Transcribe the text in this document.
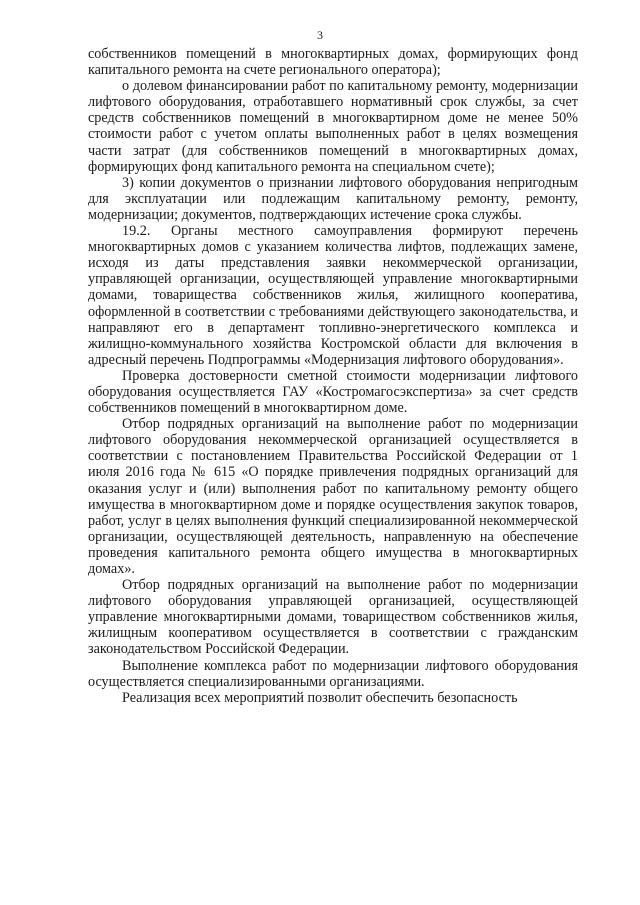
3

собственников помещений в многоквартирных домах, формирующих фонд капитального ремонта на счете регионального оператора);

о долевом финансировании работ по капитальному ремонту, модернизации лифтового оборудования, отработавшего нормативный срок службы, за счет средств собственников помещений в многоквартирном доме не менее 50% стоимости работ с учетом оплаты выполненных работ в целях возмещения части затрат (для собственников помещений в многоквартирных домах, формирующих фонд капитального ремонта на специальном счете);

3) копии документов о признании лифтового оборудования непригодным для эксплуатации или подлежащим капитальному ремонту, ремонту, модернизации; документов, подтверждающих истечение срока службы.

19.2. Органы местного самоуправления формируют перечень многоквартирных домов с указанием количества лифтов, подлежащих замене, исходя из даты представления заявки некоммерческой организации, управляющей организации, осуществляющей управление многоквартирными домами, товарищества собственников жилья, жилищного кооператива, оформленной в соответствии с требованиями действующего законодательства, и направляют его в департамент топливно-энергетического комплекса и жилищно-коммунального хозяйства Костромской области для включения в адресный перечень Подпрограммы «Модернизация лифтового оборудования».

Проверка достоверности сметной стоимости модернизации лифтового оборудования осуществляется ГАУ «Костромагосэкспертиза» за счет средств собственников помещений в многоквартирном доме.

Отбор подрядных организаций на выполнение работ по модернизации лифтового оборудования некоммерческой организацией осуществляется в соответствии с постановлением Правительства Российской Федерации от 1 июля 2016 года № 615 «О порядке привлечения подрядных организаций для оказания услуг и (или) выполнения работ по капитальному ремонту общего имущества в многоквартирном доме и порядке осуществления закупок товаров, работ, услуг в целях выполнения функций специализированной некоммерческой организации, осуществляющей деятельность, направленную на обеспечение проведения капитального ремонта общего имущества в многоквартирных домах».

Отбор подрядных организаций на выполнение работ по модернизации лифтового оборудования управляющей организацией, осуществляющей управление многоквартирными домами, товариществом собственников жилья, жилищным кооперативом осуществляется в соответствии с гражданским законодательством Российской Федерации.

Выполнение комплекса работ по модернизации лифтового оборудования осуществляется специализированными организациями.

Реализация всех мероприятий позволит обеспечить безопасность
